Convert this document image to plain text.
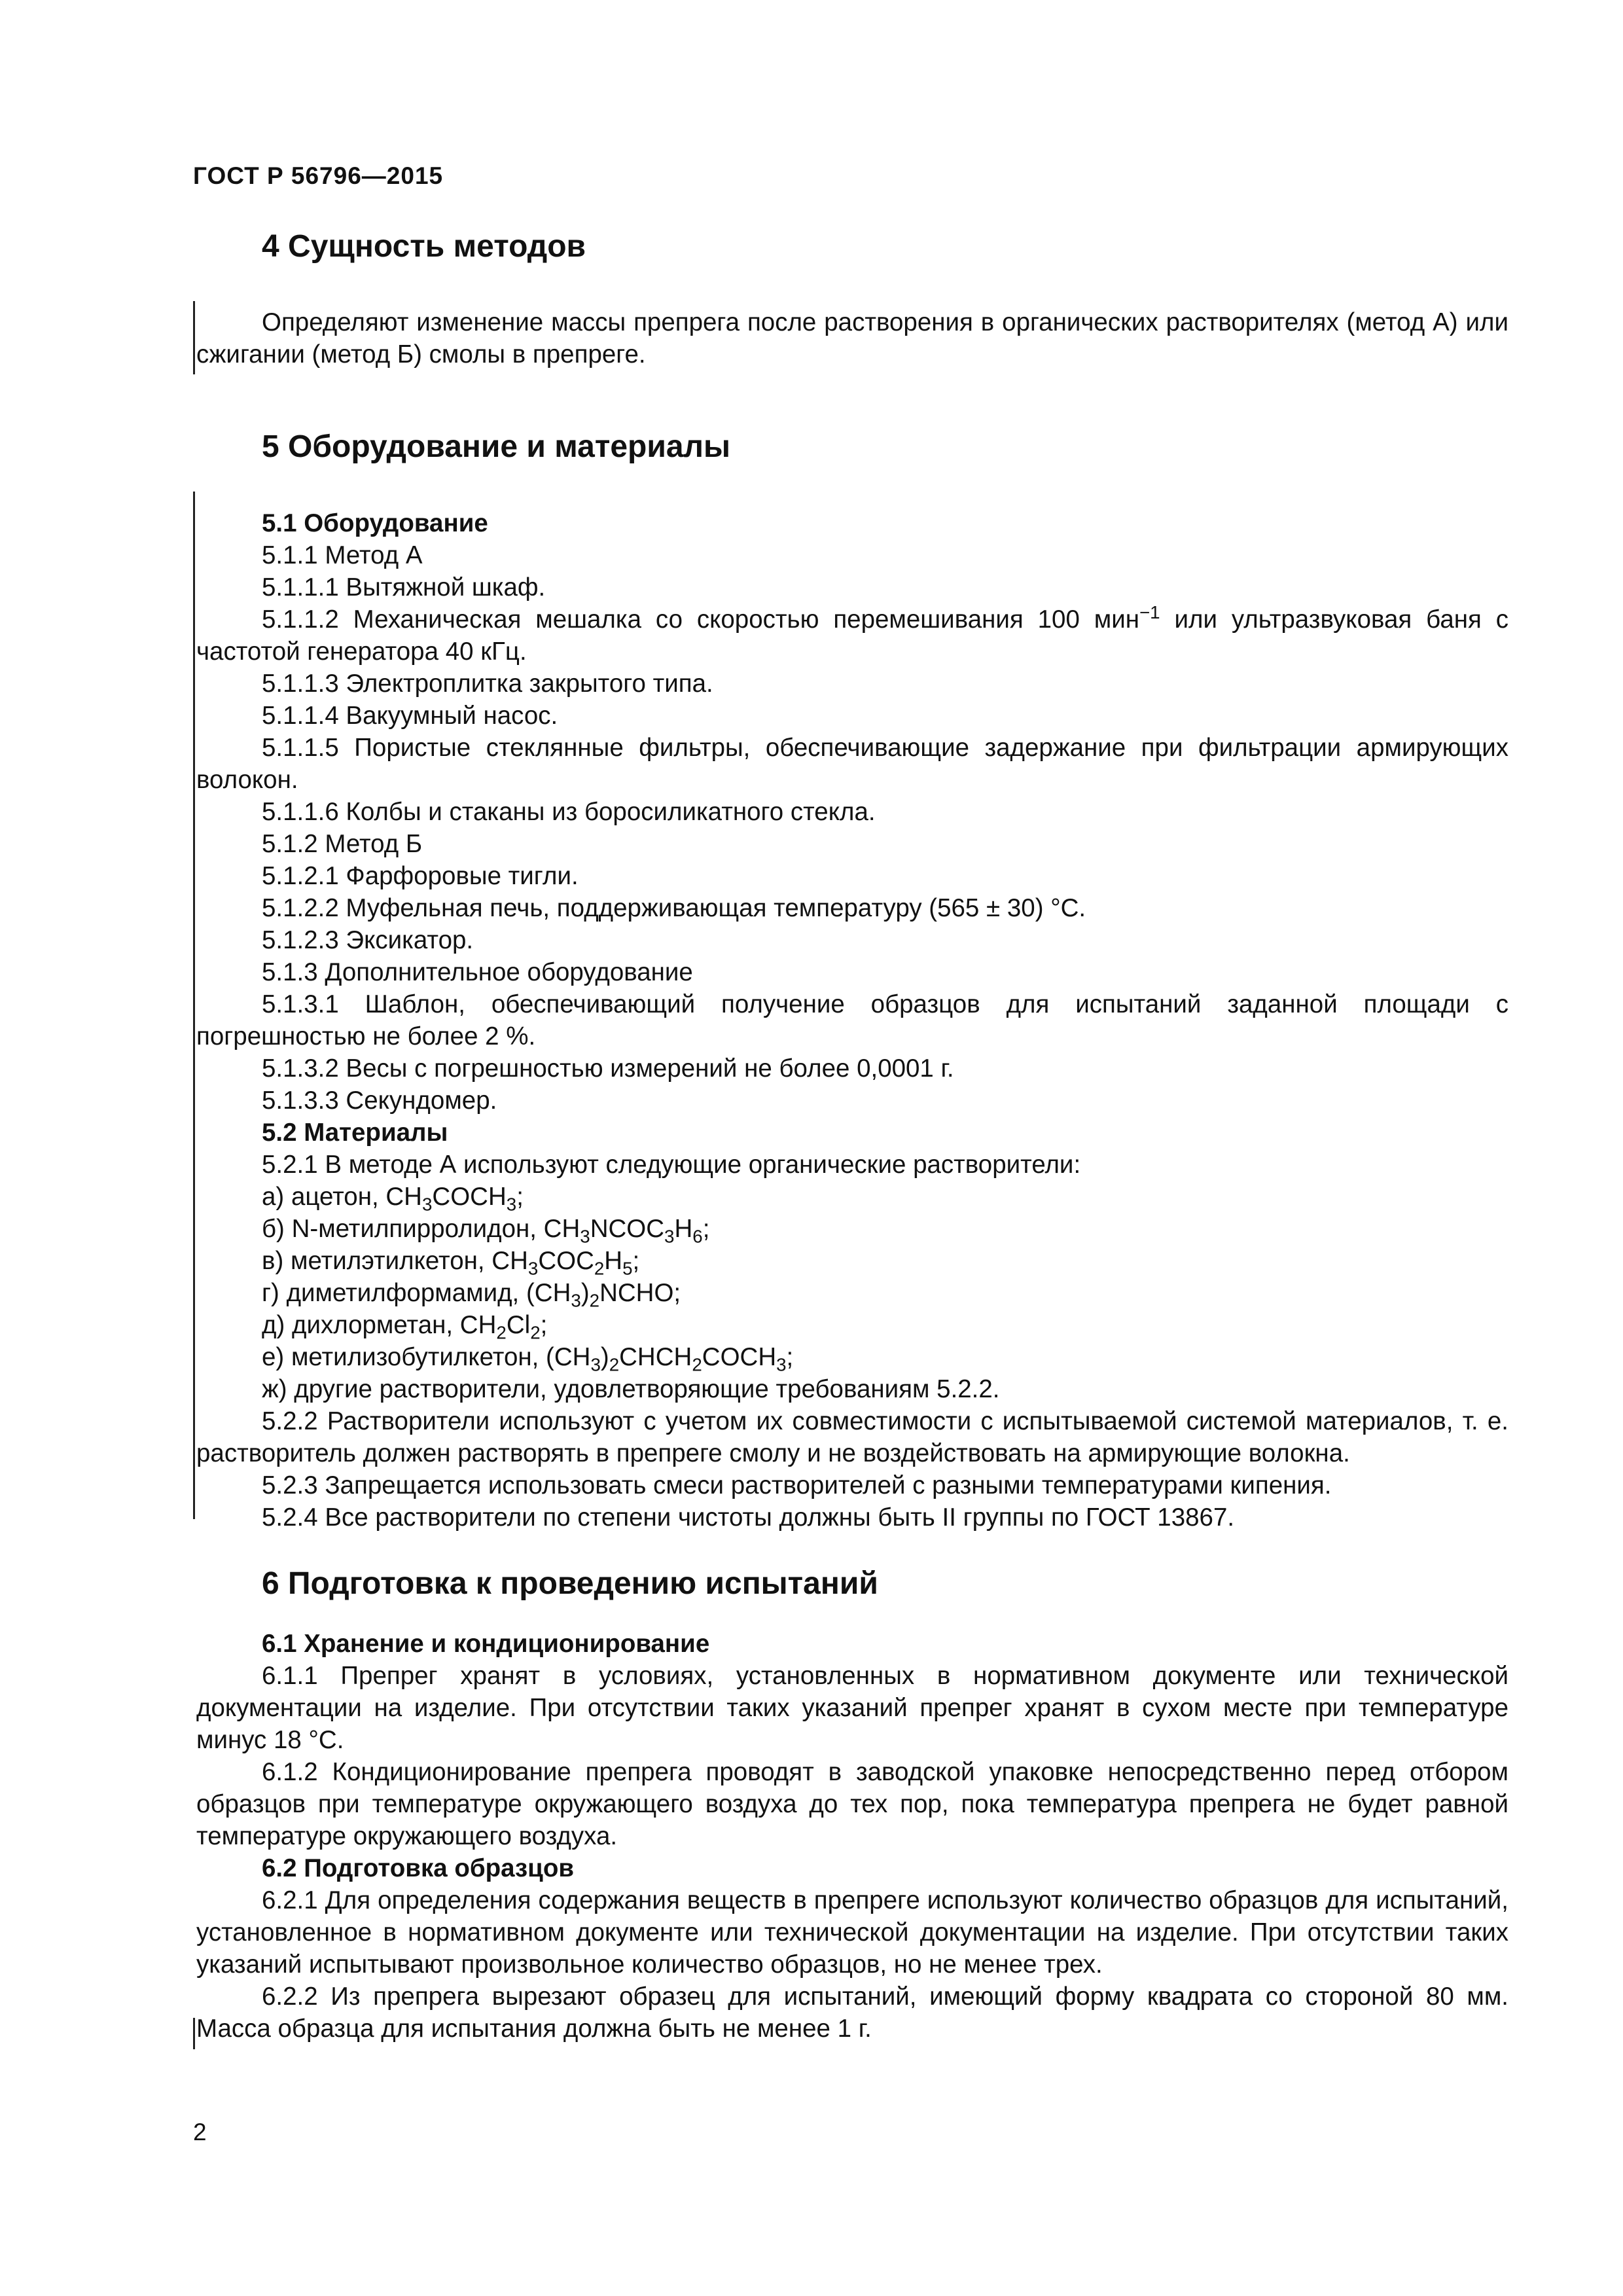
ГОСТ Р 56796—2015
4 Сущность методов

Определяют изменение массы препрега после растворения в органических растворителях (метод А) или сжигании (метод Б) смолы в препреге.

5 Оборудование и материалы
5.1 Оборудование

5.1.1 Метод А

5.1.1.1 Вытяжной шкаф.

5.1.1.2 Механическая мешалка со скоростью перемешивания 100 мин$^{-1}$ или ультразвуковая баня с частотой генератора 40 кГц.

5.1.1.3 Электроплитка закрытого типа.

5.1.1.4 Вакуумный насос.

5.1.1.5 Пористые стеклянные фильтры, обеспечивающие задержание при фильтрации армирующих волокон.

5.1.1.6 Колбы и стаканы из боросиликатного стекла.

5.1.2 Метод Б

5.1.2.1 Фарфоровые тигли.

5.1.2.2 Муфельная печь, поддерживающая температуру (565 ± 30) °С.

5.1.2.3 Эксикатор.

5.1.3 Дополнительное оборудование

5.1.3.1 Шаблон, обеспечивающий получение образцов для испытаний заданной площади с погрешностью не более 2 %.

5.1.3.2 Весы с погрешностью измерений не более 0,0001 г.

5.1.3.3 Секундомер.

5.2 Материалы

5.2.1 В методе А используют следующие органические растворители:

а) ацетон, $CH_3COCH_3$;

б) N-метилпирролидон, $CH_3NCOC_3H_6$;

в) метилэтилкетон, $CH_3COC_2H_5$;

г) диметилформамид, $(CH_3)_2NCHO$;

д) дихлорметан, $CH_2Cl_2$;

е) метилизобутилкетон, $(CH_3)_2CHCH_2COCH_3$;

ж) другие растворители, удовлетворяющие требованиям 5.2.2.

5.2.2 Растворители используют с учетом их совместимости с испытываемой системой материалов, т. е. растворитель должен растворять в препреге смолу и не воздействовать на армирующие волокна.

5.2.3 Запрещается использовать смеси растворителей с разными температурами кипения.

5.2.4 Все растворители по степени чистоты должны быть II группы по ГОСТ 13867.

6 Подготовка к проведению испытаний
6.1 Хранение и кондиционирование

6.1.1 Препрег хранят в условиях, установленных в нормативном документе или технической документации на изделие. При отсутствии таких указаний препрег хранят в сухом месте при температуре минус 18 °С.

6.1.2 Кондиционирование препрега проводят в заводской упаковке непосредственно перед отбором образцов при температуре окружающего воздуха до тех пор, пока температура препрега не будет равной температуре окружающего воздуха.

6.2 Подготовка образцов

6.2.1 Для определения содержания веществ в препреге используют количество образцов для испытаний, установленное в нормативном документе или технической документации на изделие. При отсутствии таких указаний испытывают произвольное количество образцов, но не менее трех.

6.2.2 Из препрега вырезают образец для испытаний, имеющий форму квадрата со стороной 80 мм. Масса образца для испытания должна быть не менее 1 г.

2
